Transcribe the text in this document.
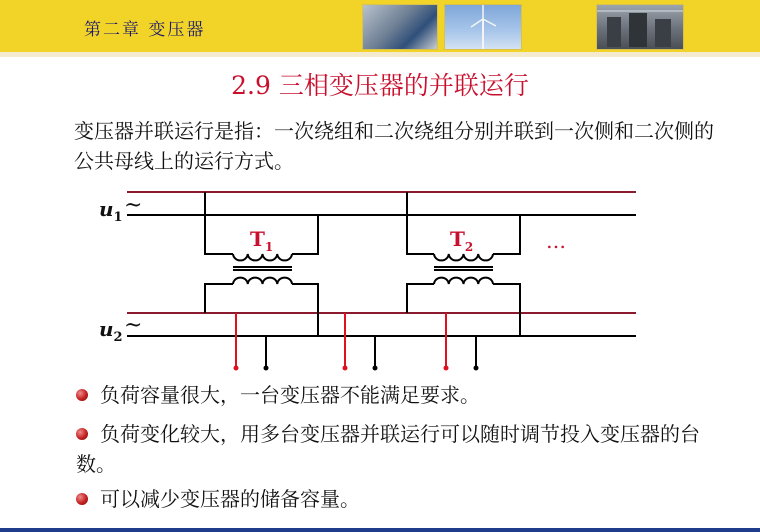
第二章 变压器
2.9 三相变压器的并联运行
变压器并联运行是指：一次绕组和二次绕组分别并联到一次侧和二次侧的公共母线上的运行方式。
$u_1$ ~
$u_2$ ~
$T_1$	$T_2$	…
负荷容量很大，一台变压器不能满足要求。
负荷变化较大，用多台变压器并联运行可以随时调节投入变压器的台数。
可以减少变压器的储备容量。
